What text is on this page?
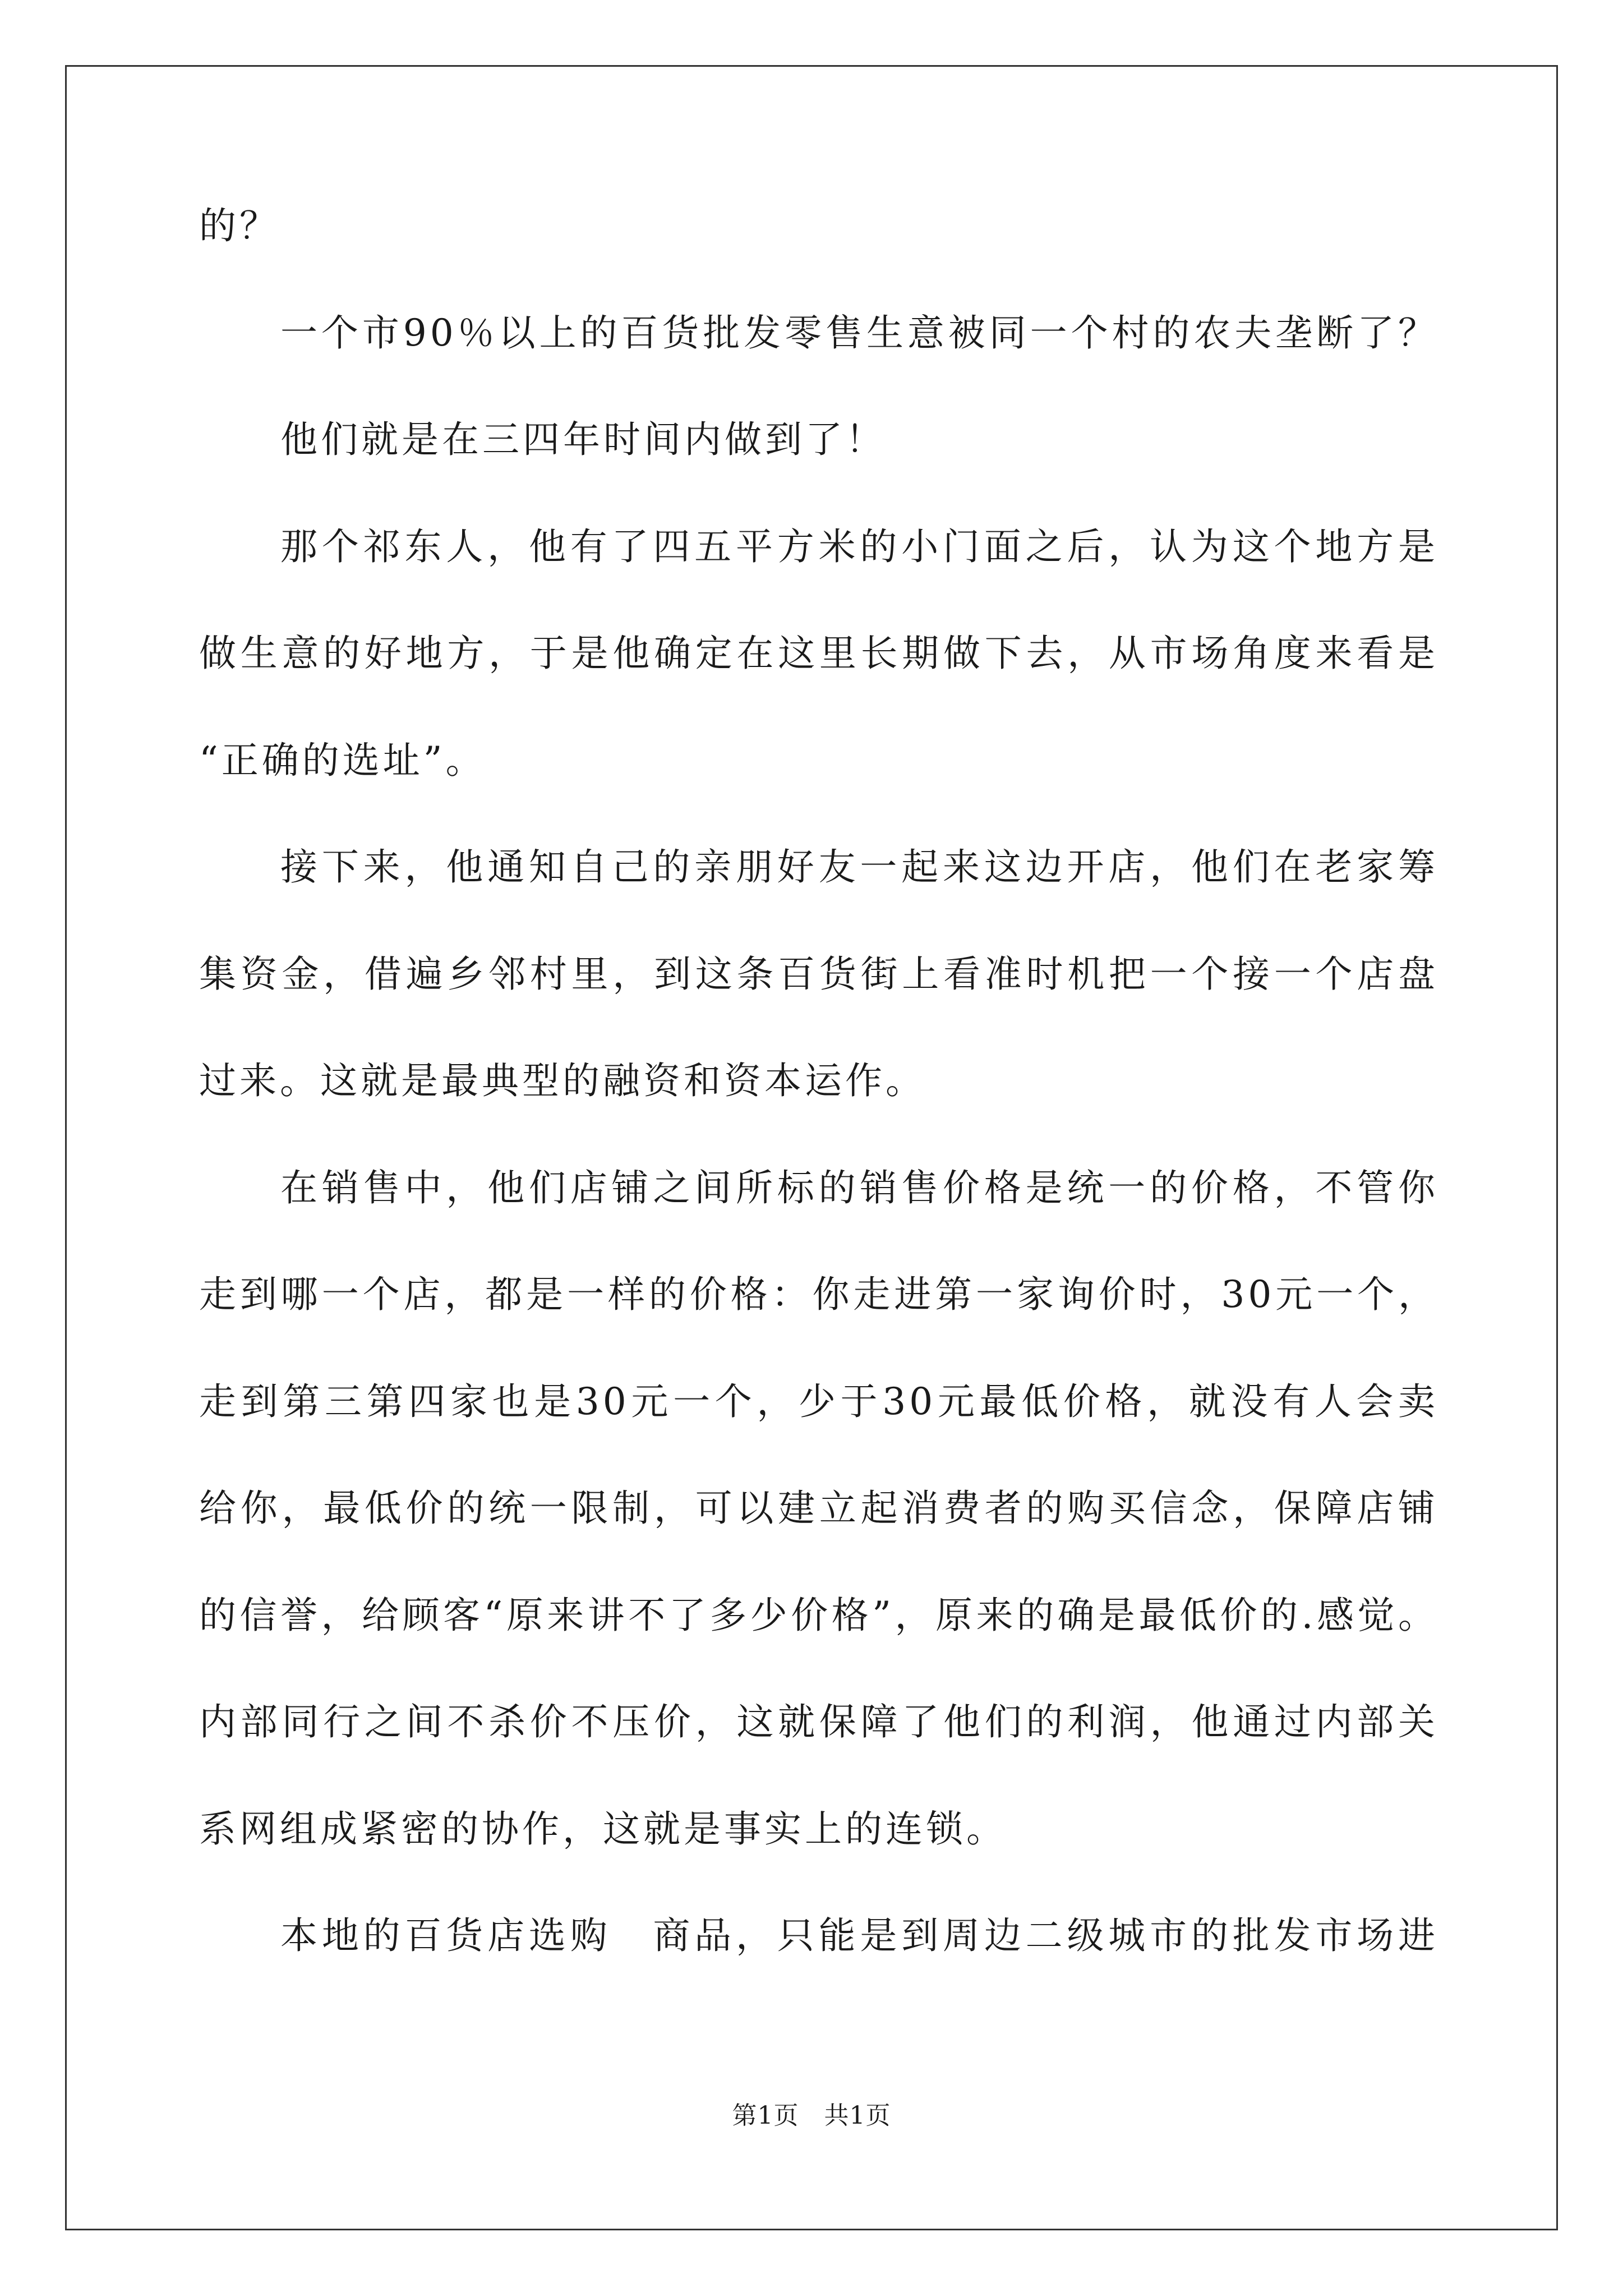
的？
一个市90％以上的百货批发零售生意被同一个村的农夫垄断了？
他们就是在三四年时间内做到了！
那个祁东人，他有了四五平方米的小门面之后，认为这个地方是
做生意的好地方，于是他确定在这里长期做下去，从市场角度来看是
“正确的选址”。
接下来，他通知自己的亲朋好友一起来这边开店，他们在老家筹
集资金，借遍乡邻村里，到这条百货街上看准时机把一个接一个店盘
过来。这就是最典型的融资和资本运作。
在销售中，他们店铺之间所标的销售价格是统一的价格，不管你
走到哪一个店，都是一样的价格：你走进第一家询价时，30元一个，
走到第三第四家也是30元一个，少于30元最低价格，就没有人会卖
给你，最低价的统一限制，可以建立起消费者的购买信念，保障店铺
的信誉，给顾客“原来讲不了多少价格”，原来的确是最低价的.感觉。
内部同行之间不杀价不压价，这就保障了他们的利润，他通过内部关
系网组成紧密的协作，这就是事实上的连锁。
本地的百货店选购　商品，只能是到周边二级城市的批发市场进
第1页　共1页
